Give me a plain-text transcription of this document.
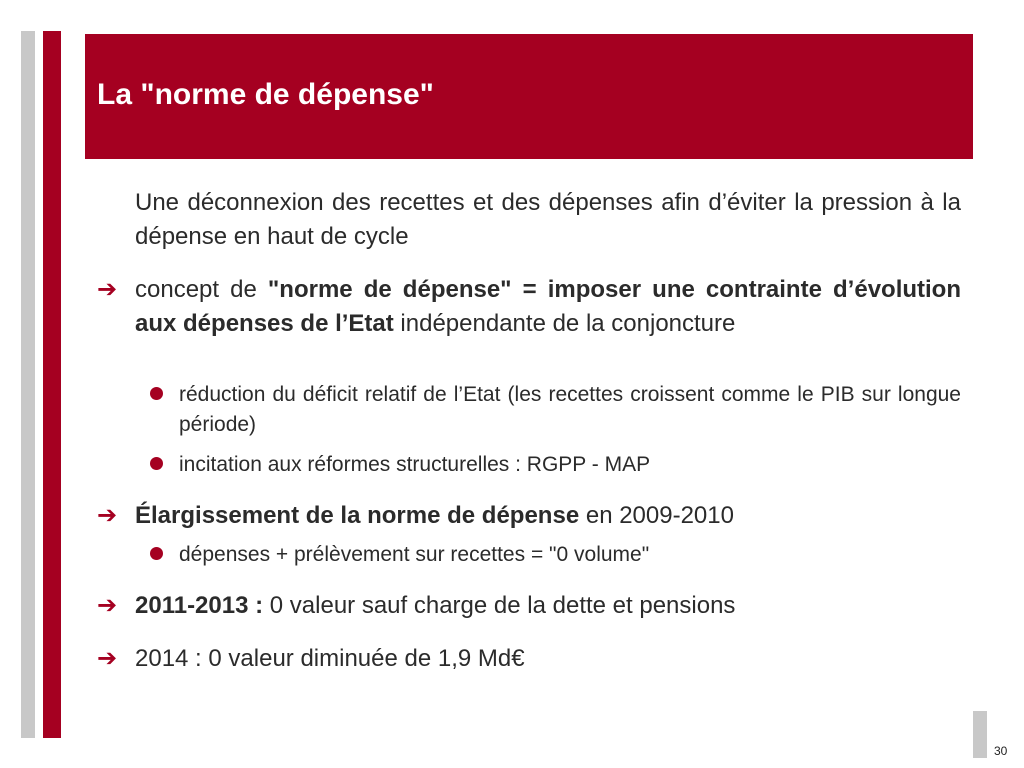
La "norme de dépense"
Une déconnexion des recettes et des dépenses afin d’éviter la pression à la dépense en haut de cycle
➔ concept de "norme de dépense" = imposer une contrainte d’évolution aux dépenses de l’Etat indépendante de la conjoncture
réduction du déficit relatif de l’Etat (les recettes croissent comme le PIB sur longue période)
incitation aux réformes structurelles : RGPP - MAP
➔ Élargissement de la norme de dépense en 2009-2010
dépenses + prélèvement sur recettes = "0 volume"
➔ 2011-2013 : 0 valeur sauf charge de la dette et pensions
➔ 2014 : 0 valeur diminuée de 1,9 Md€
30
